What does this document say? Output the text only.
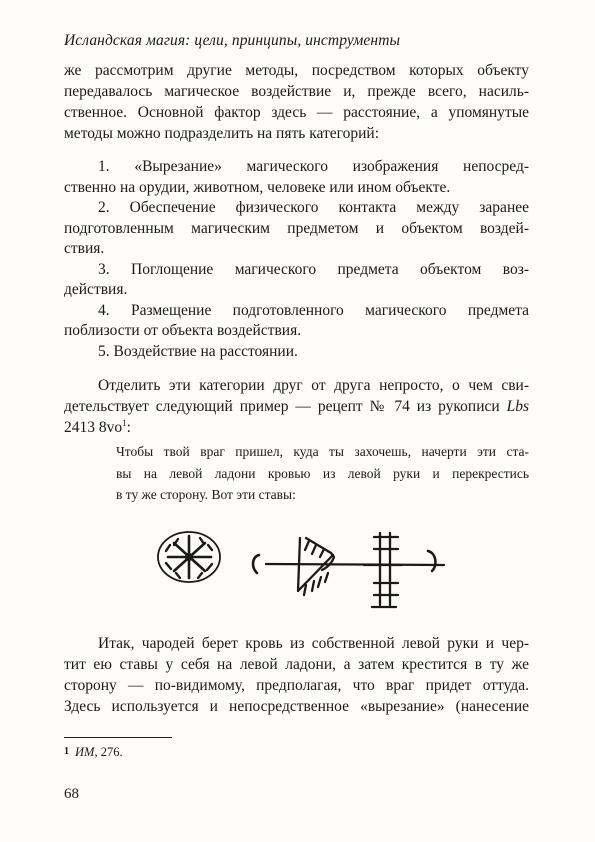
Исландская магия: цели, принципы, инструменты
же рассмотрим другие методы, посредством которых объекту
передавалось магическое воздействие и, прежде всего, насиль-
ственное. Основной фактор здесь — расстояние, а упомянутые
методы можно подразделить на пять категорий:
1. «Вырезание» магического изображения непосред-
ственно на орудии, животном, человеке или ином объекте.
2. Обеспечение физического контакта между заранее
подготовленным магическим предметом и объектом воздей-
ствия.
3. Поглощение магического предмета объектом воз-
действия.
4. Размещение подготовленного магического предмета
поблизости от объекта воздействия.
5. Воздействие на расстоянии.
Отделить эти категории друг от друга непросто, о чем сви-
детельствует следующий пример — рецепт № 74 из рукописи Lbs
2413 $8vo^1$:
Чтобы твой враг пришел, куда ты захочешь, начерти эти ста-
вы на левой ладони кровью из левой руки и перекрестись
в ту же сторону. Вот эти ставы:
Итак, чародей берет кровь из собственной левой руки и чер-
тит ею ставы у себя на левой ладони, а затем крестится в ту же
сторону — по-видимому, предполагая, что враг придет оттуда.
Здесь используется и непосредственное «вырезание» (нанесение
1 ИМ, 276.
68
